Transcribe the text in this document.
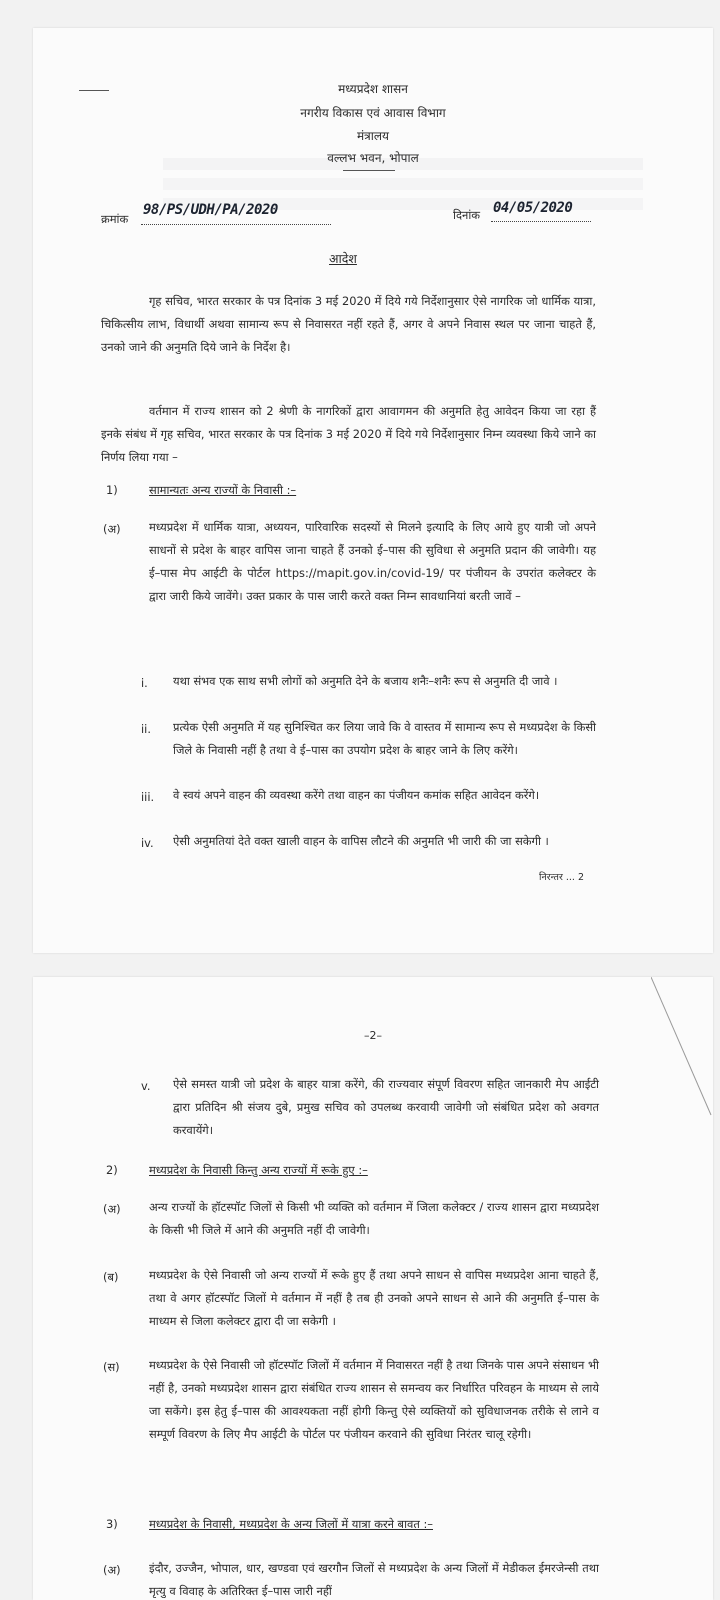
मध्यप्रदेश शासन
नगरीय विकास एवं आवास विभाग
मंत्रालय
वल्लभ भवन, भोपाल
क्रमांक
98/PS/UDH/PA/2020	दिनांक 04/05/2020
आदेश
गृह सचिव, भारत सरकार के पत्र दिनांक 3 मई 2020 में दिये गये निर्देशानुसार ऐसे नागरिक जो धार्मिक यात्रा, चिकित्सीय लाभ, विधार्थी अथवा सामान्य रूप से निवासरत नहीं रहते हैं, अगर वे अपने निवास स्थल पर जाना चाहते हैं, उनको जाने की अनुमति दिये जाने के निर्देश है।
वर्तमान में राज्य शासन को 2 श्रेणी के नागरिकों द्वारा आवागमन की अनुमति हेतु आवेदन किया जा रहा हैं इनके संबंध में गृह सचिव, भारत सरकार के पत्र दिनांक 3 मई 2020 में दिये गये निर्देशानुसार निम्न व्यवस्था किये जाने का निर्णय लिया गया –
1)	सामान्यतः अन्य राज्यों के निवासी :–
(अ) मध्यप्रदेश में धार्मिक यात्रा, अध्ययन, पारिवारिक सदस्यों से मिलने इत्यादि के लिए आये हुए यात्री जो अपने साधनों से प्रदेश के बाहर वापिस जाना चाहते हैं उनको ई–पास की सुविधा से अनुमति प्रदान की जावेगी। यह ई–पास मेप आईटी के पोर्टल https://mapit.gov.in/covid-19/ पर पंजीयन के उपरांत कलेक्टर के द्वारा जारी किये जावेंगे। उक्त प्रकार के पास जारी करते वक्त निम्न सावधानियां बरती जावें –
i. यथा संभव एक साथ सभी लोगों को अनुमति देने के बजाय शनैः–शनैः रूप से अनुमति दी जावे ।
ii. प्रत्येक ऐसी अनुमति में यह सुनिश्चित कर लिया जावे कि वे वास्तव में सामान्य रूप से मध्यप्रदेश के किसी जिले के निवासी नहीं है तथा वे ई–पास का उपयोग प्रदेश के बाहर जाने के लिए करेंगे।
iii. वे स्वयं अपने वाहन की व्यवस्था करेंगे तथा वाहन का पंजीयन कमांक सहित आवेदन करेंगे।
iv. ऐसी अनुमतियां देते वक्त खाली वाहन के वापिस लौटने की अनुमति भी जारी की जा सकेगी ।
निरन्तर ... 2
–2–
v. ऐसे समस्त यात्री जो प्रदेश के बाहर यात्रा करेंगे, की राज्यवार संपूर्ण विवरण सहित जानकारी मेप आईटी द्वारा प्रतिदिन श्री संजय दुबे, प्रमुख सचिव को उपलब्ध करवायी जावेगी जो संबंधित प्रदेश को अवगत करवायेंगे।
2)	मध्यप्रदेश के निवासी किन्तु अन्य राज्यों में रूके हुए :–
(अ) अन्य राज्यों के हॉटस्पॉट जिलों से किसी भी व्यक्ति को वर्तमान में जिला कलेक्टर / राज्य शासन द्वारा मध्यप्रदेश के किसी भी जिले में आने की अनुमति नहीं दी जावेगी।
(ब)	मध्यप्रदेश के ऐसे निवासी जो अन्य राज्यों में रूके हुए हैं तथा अपने साधन से वापिस मध्यप्रदेश आना चाहते हैं, तथा वे अगर हॉटस्पॉट जिलों मे वर्तमान में नहीं है तब ही उनको अपने साधन से आने की अनुमति ई–पास के माध्यम से जिला कलेक्टर द्वारा दी जा सकेगी ।
(स)	मध्यप्रदेश के ऐसे निवासी जो हॉटस्पॉट जिलों में वर्तमान में निवासरत नहीं है तथा जिनके पास अपने संसाधन भी नहीं है, उनको मध्यप्रदेश शासन द्वारा संबंधित राज्य शासन से समन्वय कर निर्धारित परिवहन के माध्यम से लाये जा सकेंगे। इस हेतु ई–पास की आवश्यकता नहीं होगी किन्तु ऐसे व्यक्तियों को सुविधाजनक तरीके से लाने व सम्पूर्ण विवरण के लिए मैप आईटी के पोर्टल पर पंजीयन करवाने की सुविधा निरंतर चालू रहेगी।
3)	मध्यप्रदेश के निवासी, मध्यप्रदेश के अन्य जिलों में यात्रा करने बावत :–
(अ) इंदौर, उज्जैन, भोपाल, धार, खण्डवा एवं खरगौन जिलों से मध्यप्रदेश के अन्य जिलों में मेडीकल ईमरजेन्सी तथा मृत्यु व विवाह के अतिरिक्त ई–पास जारी नहीं
